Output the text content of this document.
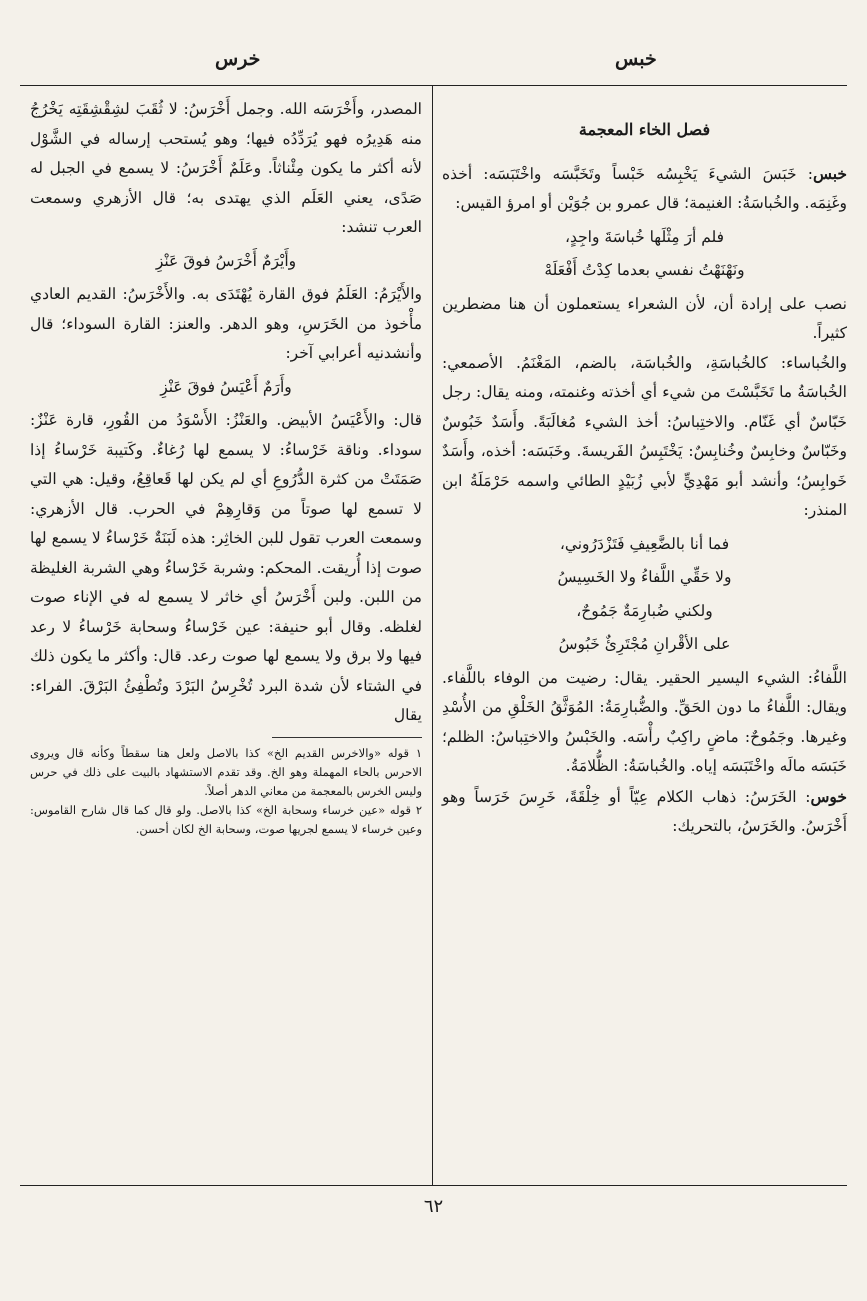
خبس
خرس
فصل الخاء المعجمة

خبس: خَبَسَ الشيءَ يَخْبِسُه خَبْساً وتَخَبَّسَه واخْتَبَسَه: أخذه وغَنِمَه. والخُباسَةُ: الغنيمة؛ قال عمرو بن جُوَيْن أو امرؤ القيس:

فلم أرَ مِثْلَها خُباسَةَ واجِدٍ،
ونَهْنَهْتُ نفسي بعدما كِدْتُ أَفْعَلَهْ

نصب على إرادة أن، لأن الشعراء يستعملون أن هنا مضطرين كثيراً.

والخُباساء: كالخُباسَةِ، والخُباسَة، بالضم، المَغْنَمُ. الأصمعي: الخُباسَةُ ما تَخَبَّسْتَ من شيء أي أخذته وغنمته، ومنه يقال: رجل خَبّاسٌ أي غَنّام. والاختِباسُ: أخذ الشيء مُغالَبَةً. وأَسَدٌ خَبُوسٌ وخَبّاسٌ وخابِسٌ وخُنابِسٌ: يَخْتَبِسُ الفَريسةَ. وخَبَسَه: أخذه، وأَسَدٌ خَوابِسُ؛ وأنشد أبو مَهْدِيٍّ لأبي زُبَيْدٍ الطائي واسمه حَرْمَلَةُ ابن المنذر:

فما أنا بالضَّعِيفِ فَتَزْدَرُوني،
ولا حَقِّي اللَّفاءُ ولا الخَسِيسُ
ولكني ضُبارِمَةٌ جَمُوحٌ،
على الأقْرانِ مُجْتَرِئٌ خَبُوسُ

اللَّفاءُ: الشيء اليسير الحقير. يقال: رضيت من الوفاء باللَّفاء. ويقال: اللَّفاءُ ما دون الحَقِّ. والضُّبارِمَةُ: المُوَثَّقُ الخَلْقِ من الأُسْدِ وغيرها. وجَمُوحٌ: ماضٍ راكِبٌ رأْسَه. والخَبْسُ والاختِباسُ: الظلم؛ خَبَسَه مالَه واخْتَبَسَه إياه. والخُباسَةُ: الظُّلامَةُ.

خوس: الخَرَسُ: ذهاب الكلام عِيّاً أو خِلْقَةً، خَرِسَ خَرَساً وهو أَخْرَسُ. والخَرَسُ، بالتحريك:

المصدر، وأَخْرَسَه الله. وجمل أَخْرَسُ: لا ثُقَبَ لشِقْشِقَتِه يَخْرُجُ منه هَدِيرُه فهو يُرَدِّدُه فيها؛ وهو يُستحب إرساله في الشَّوْل لأنه أكثر ما يكون مِئْناثاً. وعَلَمٌ أَخْرَسُ: لا يسمع في الجبل له صَدًى، يعني العَلَم الذي يهتدى به؛ قال الأزهري وسمعت العرب تنشد:

وأَيْرَمٌ أَخْرَسُ فوقَ عَنْزِ

والأَيْرَمُ: العَلَمُ فوق القارة يُهْتَدَى به. والأَخْرَسُ: القديم العادي مأْخوذ من الخَرَسِ، وهو الدهر. والعنز: القارة السوداء؛ قال وأنشدنيه أعرابي آخر:

وأَرَمٌ أَعْيَسُ فوقَ عَنْزِ

قال: والأَعْيَسُ الأبيض. والعَنْزُ: الأَسْوَدُ من القُورِ، قارة عَنْزٌ: سوداء. وناقة خَرْساءُ: لا يسمع لها رُغاءٌ. وكَتيبة خَرْساءُ إذا صَمَتَتْ من كثرة الدُّرُوعِ أي لم يكن لها قَعاقِعُ، وقيل: هي التي لا تسمع لها صوتاً من وَقارِهِمْ في الحرب. قال الأزهري: وسمعت العرب تقول للبن الخاثِر: هذه لَبَنَةٌ خَرْساءُ لا يسمع لها صوت إذا أُريقت. المحكم: وشربة خَرْساءُ وهي الشربة الغليظة من اللبن. ولبن أَخْرَسُ أي خاثر لا يسمع له في الإناء صوت لغلظه. وقال أبو حنيفة: عين خَرْساءُ وسحابة خَرْساءُ لا رعد فيها ولا برق ولا يسمع لها صوت رعد. قال: وأكثر ما يكون ذلك في الشتاء لأن شدة البرد تُخْرِسُ البَرْدَ وتُطْفِئُ البَرْقَ. الفراء: يقال

١ قوله «والاخرس القديم الخ» كذا بالاصل ولعل هنا سقطاً وكأنه قال ويروى الاحرس بالحاء المهملة وهو الخ. وقد تقدم الاستشهاد بالبيت على ذلك في حرس وليس الخرس بالمعجمة من معاني الدهر أصلاً.

٢ قوله «عين خرساء وسحابة الخ» كذا بالاصل. ولو قال كما قال شارح القاموس: وعين خرساء لا يسمع لجريها صوت، وسحابة الخ لكان أحسن.

٦٢
